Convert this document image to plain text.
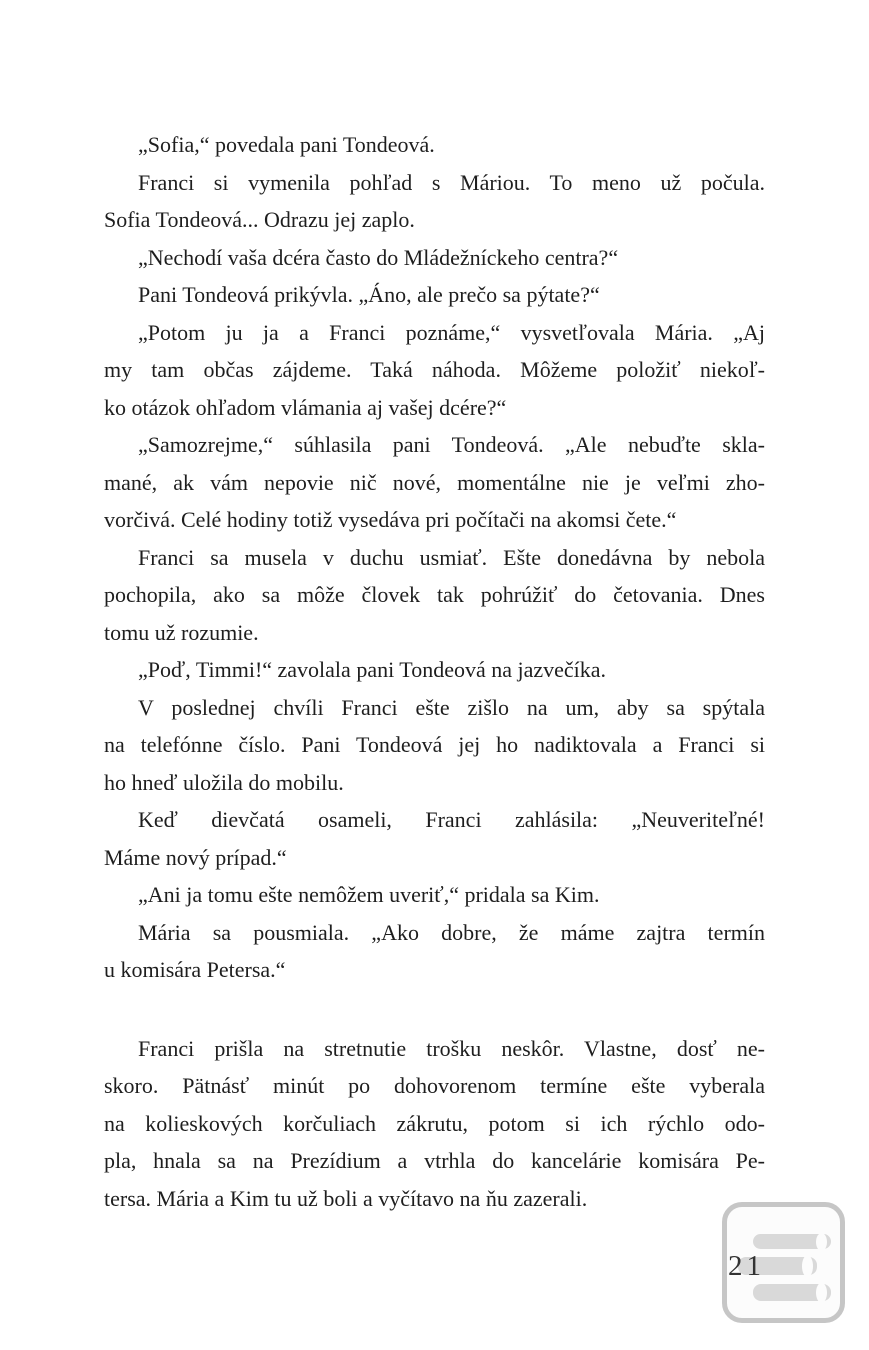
„Sofia,“ povedala pani Tondeová.
Franci si vymenila pohľad s Máriou. To meno už počula.
Sofia Tondeová... Odrazu jej zaplo.
„Nechodí vaša dcéra často do Mládežníckeho centra?“
Pani Tondeová prikývla. „Áno, ale prečo sa pýtate?“
„Potom ju ja a Franci poznáme,“ vysvetľovala Mária. „Aj
my tam občas zájdeme. Taká náhoda. Môžeme položiť niekoľ-
ko otázok ohľadom vlámania aj vašej dcére?“
„Samozrejme,“ súhlasila pani Tondeová. „Ale nebuďte skla-
mané, ak vám nepovie nič nové, momentálne nie je veľmi zho-
vorčivá. Celé hodiny totiž vysedáva pri počítači na akomsi čete.“
Franci sa musela v duchu usmiať. Ešte donedávna by nebola
pochopila, ako sa môže človek tak pohrúžiť do četovania. Dnes
tomu už rozumie.
„Poď, Timmi!“ zavolala pani Tondeová na jazvečíka.
V poslednej chvíli Franci ešte zišlo na um, aby sa spýtala
na telefónne číslo. Pani Tondeová jej ho nadiktovala a Franci si
ho hneď uložila do mobilu.
Keď dievčatá osameli, Franci zahlásila: „Neuveriteľné!
Máme nový prípad.“
„Ani ja tomu ešte nemôžem uveriť,“ pridala sa Kim.
Mária sa pousmiala. „Ako dobre, že máme zajtra termín
u komisára Petersa.“
Franci prišla na stretnutie trošku neskôr. Vlastne, dosť ne-
skoro. Pätnásť minút po dohovorenom termíne ešte vyberala
na kolieskových korčuliach zákrutu, potom si ich rýchlo odo-
pla, hnala sa na Prezídium a vtrhla do kancelárie komisára Pe-
tersa. Mária a Kim tu už boli a vyčítavo na ňu zazerali.
21
